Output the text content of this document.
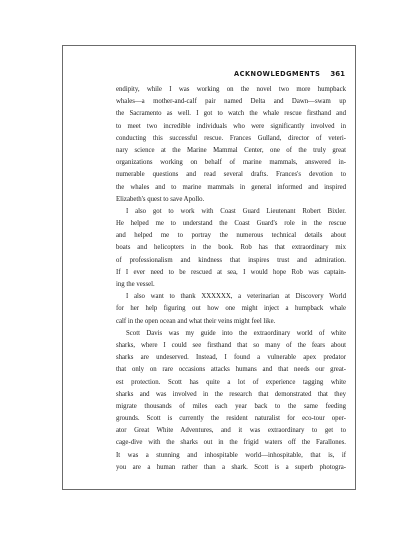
ACKNOWLEDGMENTS 361
endipity, while I was working on the novel two more humpback
whales—a mother-and-calf pair named Delta and Dawn—swam up
the Sacramento as well. I got to watch the whale rescue firsthand and
to meet two incredible individuals who were significantly involved in
conducting this successful rescue. Frances Gulland, director of veteri-
nary science at the Marine Mammal Center, one of the truly great
organizations working on behalf of marine mammals, answered in-
numerable questions and read several drafts. Frances's devotion to
the whales and to marine mammals in general informed and inspired
Elizabeth's quest to save Apollo.
I also got to work with Coast Guard Lieutenant Robert Bixler.
He helped me to understand the Coast Guard's role in the rescue
and helped me to portray the numerous technical details about
boats and helicopters in the book. Rob has that extraordinary mix
of professionalism and kindness that inspires trust and admiration.
If I ever need to be rescued at sea, I would hope Rob was captain-
ing the vessel.
I also want to thank XXXXXX, a veterinarian at Discovery World
for her help figuring out how one might inject a humpback whale
calf in the open ocean and what their veins might feel like.
Scott Davis was my guide into the extraordinary world of white
sharks, where I could see firsthand that so many of the fears about
sharks are undeserved. Instead, I found a vulnerable apex predator
that only on rare occasions attacks humans and that needs our great-
est protection. Scott has quite a lot of experience tagging white
sharks and was involved in the research that demonstrated that they
migrate thousands of miles each year back to the same feeding
grounds. Scott is currently the resident naturalist for eco-tour oper-
ator Great White Adventures, and it was extraordinary to get to
cage-dive with the sharks out in the frigid waters off the Farallones.
It was a stunning and inhospitable world—inhospitable, that is, if
you are a human rather than a shark. Scott is a superb photogra-
